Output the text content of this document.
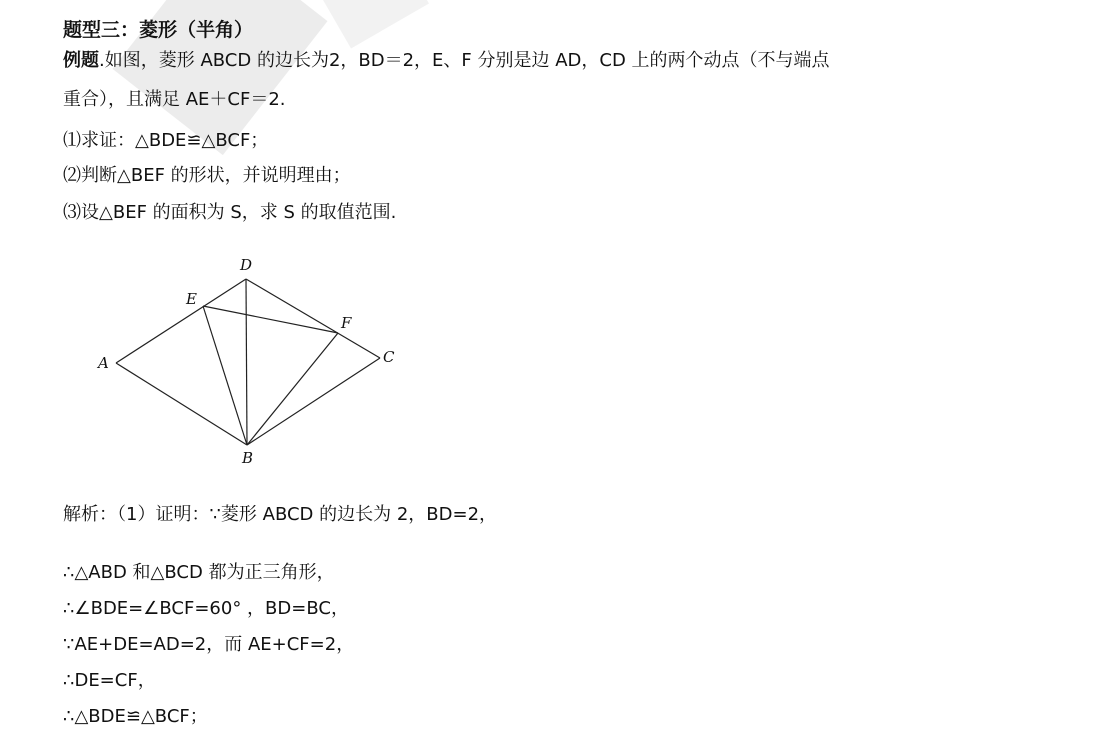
题型三：菱形（半角）
例题.如图，菱形 ABCD 的边长为2，BD＝2，E、F 分别是边 AD，CD 上的两个动点（不与端点
重合），且满足 AE＋CF＝2.
⑴求证：△BDE≌△BCF；
⑵判断△BEF 的形状，并说明理由；
⑶设△BEF 的面积为 S，求 S 的取值范围.
A
D
E
F
C
B
解析：（1）证明：∵菱形 ABCD 的边长为 2，BD=2，
∴△ABD 和△BCD 都为正三角形，
∴∠BDE=∠BCF=60° ，BD=BC，
∵AE+DE=AD=2，而 AE+CF=2，
∴DE=CF，
∴△BDE≌△BCF；
